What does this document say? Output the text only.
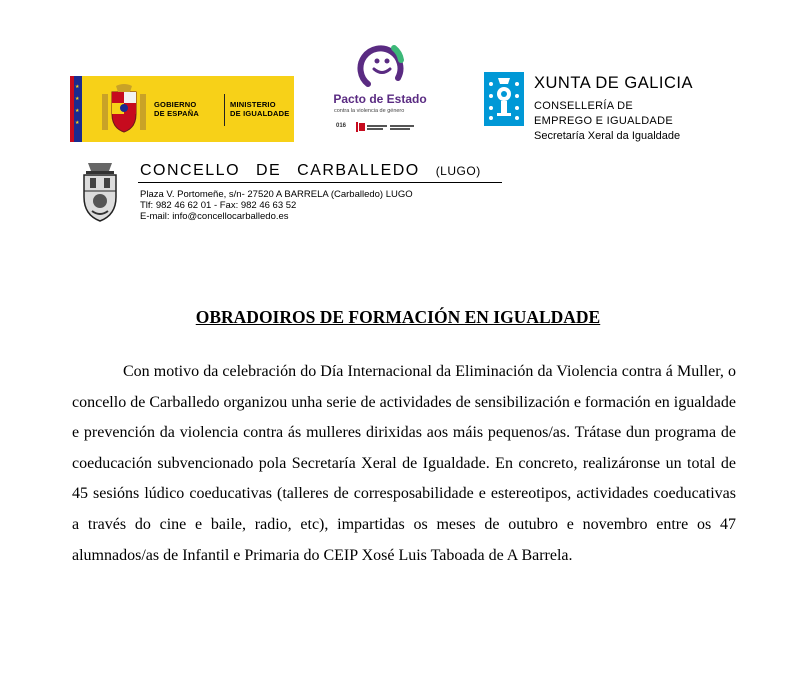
★
★
★
★
GOBIERNO
DE ESPAÑA
MINISTERIO
DE IGUALDADE
Pacto de Estado
contra la violencia de género
016
XUNTA DE GALICIA
CONSELLERÍA DE
EMPREGO E IGUALDADE
Secretaría Xeral da Igualdade
CONCELLO DE CARBALLEDO (LUGO)
Plaza V. Portomeñe, s/n- 27520 A BARRELA (Carballedo) LUGO
Tlf: 982 46 62 01 - Fax: 982 46 63 52
E-mail: info@concellocarballedo.es
OBRADOIROS DE FORMACIÓN EN IGUALDADE

Con motivo da celebración do Día Internacional da Eliminación da Violencia contra á Muller, o concello de Carballedo organizou unha serie de actividades de sensibilización e formación en igualdade e prevención da violencia contra ás mulleres dirixidas aos máis pequenos/as. Trátase dun programa de coeducación subvencionado pola Secretaría Xeral de Igualdade. En concreto, realizáronse un total de 45 sesións lúdico coeducativas (talleres de corresposabilidade e estereotipos, actividades coeducativas a través do cine e baile, radio, etc), impartidas os meses de outubro e novembro entre os 47 alumnados/as de Infantil e Primaria do CEIP Xosé Luis Taboada de A Barrela.
